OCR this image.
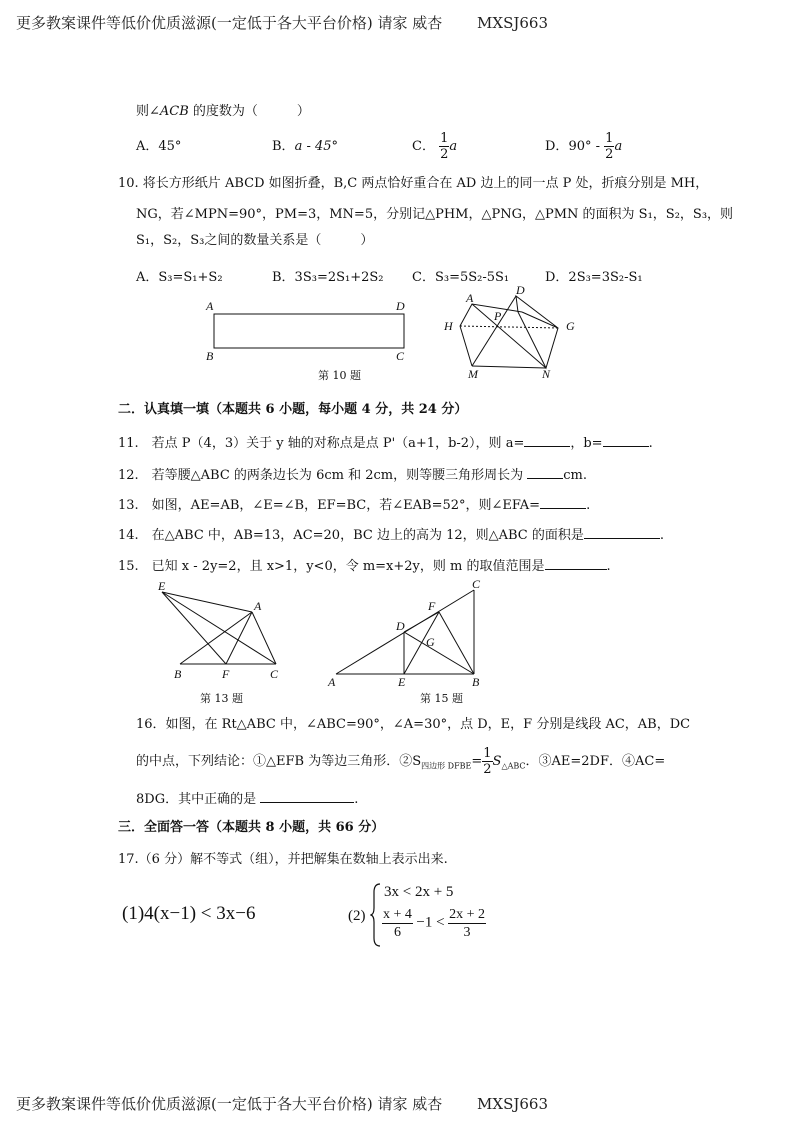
更多教案课件等低价优质滋源(一定低于各大平台价格) 请家 威杏 MXSJ663
则∠ACB 的度数为（　　　）
A．45°	B．a - 45°	C． $\frac{1}{2}$ a	D．$90^\circ - \frac{1}{2}$ a
10. 将长方形纸片 ABCD 如图折叠，B,C 两点恰好重合在 AD 边上的同一点 P 处，折痕分别是 MH，
NG，若∠MPN=90°，PM=3，MN=5，分别记△PHM，△PNG，△PMN 的面积为 S₁，S₂，S₃，则
S₁，S₂，S₃之间的数量关系是（　　　）
A．S₃=S₁+S₂	B．3S₃=2S₁+2S₂ C．S₃=5S₂-5S₁	D．2S₃=3S₂-S₁
A	D
B	C
A
D
H
P
G
M	N
第 10 题
二．认真填一填（本题共 6 小题，每小题 4 分，共 24 分）
11.　若点 P（4，3）关于 y 轴的对称点是点 P'（a+1，b-2），则 a=	，b=	.
12.　若等腰△ABC 的两条边长为 6cm 和 2cm，则等腰三角形周长为	cm.
13.　如图，AE=AB，∠E=∠B，EF=BC，若∠EAB=52°，则∠EFA=	.
14.　在△ABC 中，AB=13，AC=20，BC 边上的高为 12，则△ABC 的面积是	.
15.　已知 x - 2y=2，且 x>1，y<0，令 m=x+2y，则 m 的取值范围是	.
E
A
B	F	C
第 13 题
C
F
D
G
A	E	B
第 15 题
16．如图，在 Rt△ABC 中，∠ABC=90°，∠A=30°，点 D，E，F 分别是线段 AC，AB，DC
的中点，下列结论：①△EFB 为等边三角形．$②S_{四边形 DFBE}= \frac{1}{2} S_{\triangle ABC}$．③AE=2DF．④AC=
8DG．其中正确的是	.
三．全面答一答（本题共 8 小题，共 66 分）
17.（6 分）解不等式（组），并把解集在数轴上表示出来.
(1)4(x−1) < 3x−6	(2)
3x < 2x + 5
$\frac{x + 4}{6} -1 < \frac{2x + 2}{3}$
更多教案课件等低价优质滋源(一定低于各大平台价格) 请家 威杏 MXSJ663
